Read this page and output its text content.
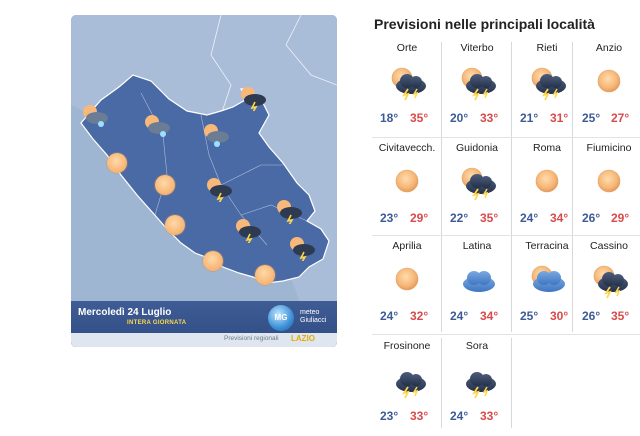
Mercoledì 24 Luglio
INTERA GIORNATA
MG
meteo
Giuliacci
Previsioni regionali LAZIO
Previsioni nelle principali località
Orte
18° 35°
Viterbo
20° 33°
Rieti
21° 31°
Anzio
25° 27°
Civitavecch.
23° 29°
Guidonia
22° 35°
Roma
24° 34°
Fiumicino
26° 29°
Aprilia
24° 32°
Latina
24° 34°
Terracina
25° 30°
Cassino
26° 35°
Frosinone
23° 33°
Sora
24° 33°
